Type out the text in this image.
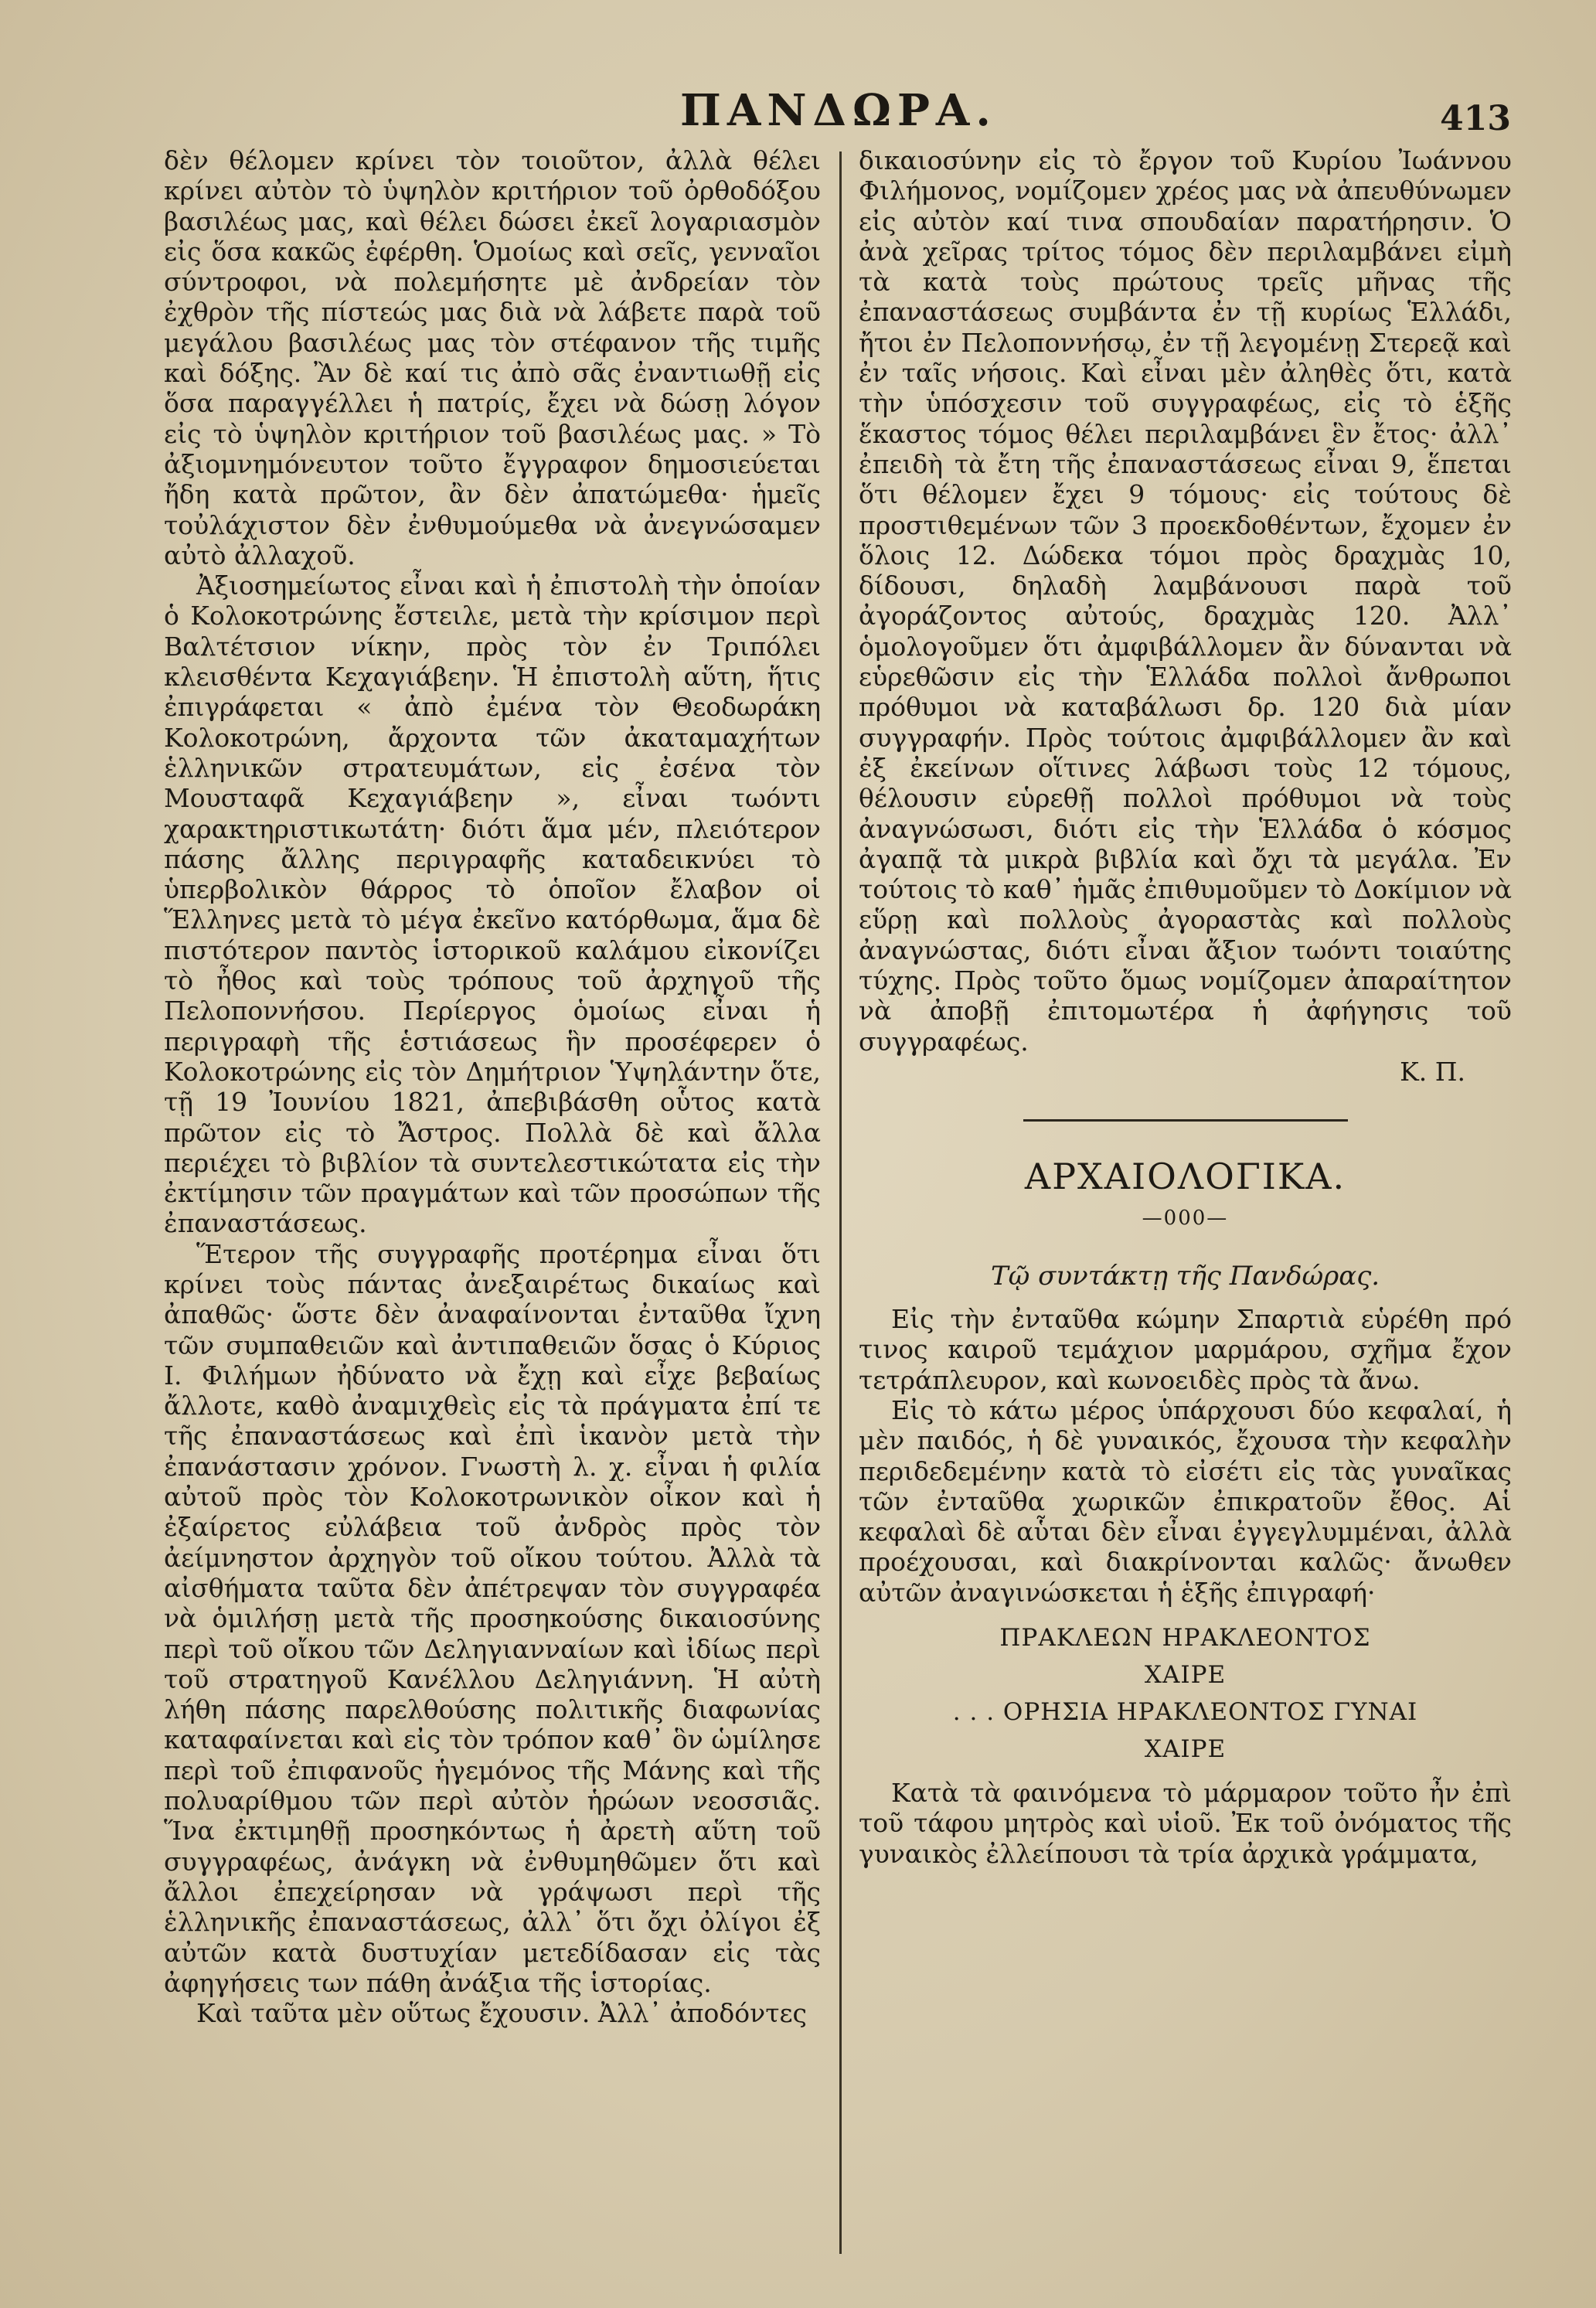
ΠΑΝΔΩΡΑ.	413

δὲν θέλομεν κρίνει τὸν τοιοῦτον, ἀλλὰ θέλει κρίνει αὐτὸν τὸ ὑψηλὸν κριτήριον τοῦ ὀρθοδόξου βασιλέως μας, καὶ θέλει δώσει ἐκεῖ λογαριασμὸν εἰς ὅσα κακῶς ἐφέρθη. Ὁμοίως καὶ σεῖς, γενναῖοι σύντροφοι, νὰ πολεμήσητε μὲ ἀνδρείαν τὸν ἐχθρὸν τῆς πίστεώς μας διὰ νὰ λάβετε παρὰ τοῦ μεγάλου βασιλέως μας τὸν στέφανον τῆς τιμῆς καὶ δόξης. Ἂν δὲ καί τις ἀπὸ σᾶς ἐναντιωθῇ εἰς ὅσα παραγγέλλει ἡ πατρίς, ἔχει νὰ δώσῃ λόγον εἰς τὸ ὑψηλὸν κριτήριον τοῦ βασιλέως μας. » Τὸ ἀξιομνημόνευτον τοῦτο ἔγγραφον δημοσιεύεται ἤδη κατὰ πρῶτον, ἂν δὲν ἀπατώμεθα· ἡμεῖς τοὐλάχιστον δὲν ἐνθυμούμεθα νὰ ἀνεγνώσαμεν αὐτὸ ἀλλαχοῦ.

Ἀξιοσημείωτος εἶναι καὶ ἡ ἐπιστολὴ τὴν ὁποίαν ὁ Κολοκοτρώνης ἔστειλε, μετὰ τὴν κρίσιμον περὶ Βαλτέτσιον νίκην, πρὸς τὸν ἐν Τριπόλει κλεισθέντα Κεχαγιάβεην. Ἡ ἐπιστολὴ αὕτη, ἥτις ἐπιγράφεται « ἀπὸ ἐμένα τὸν Θεοδωράκη Κολοκοτρώνη, ἄρχοντα τῶν ἀκαταμαχήτων ἑλληνικῶν στρατευμάτων, εἰς ἐσένα τὸν Μουσταφᾶ Κεχαγιάβεην », εἶναι τωόντι χαρακτηριστικωτάτη· διότι ἅμα μέν, πλειότερον πάσης ἄλλης περιγραφῆς καταδεικνύει τὸ ὑπερβολικὸν θάρρος τὸ ὁποῖον ἔλαβον οἱ Ἕλληνες μετὰ τὸ μέγα ἐκεῖνο κατόρθωμα, ἅμα δὲ πιστότερον παντὸς ἱστορικοῦ καλάμου εἰκονίζει τὸ ἦθος καὶ τοὺς τρόπους τοῦ ἀρχηγοῦ τῆς Πελοποννήσου. Περίεργος ὁμοίως εἶναι ἡ περιγραφὴ τῆς ἑστιάσεως ἣν προσέφερεν ὁ Κολοκοτρώνης εἰς τὸν Δημήτριον Ὑψηλάντην ὅτε, τῇ 19 Ἰουνίου 1821, ἀπεβιβάσθη οὗτος κατὰ πρῶτον εἰς τὸ Ἄστρος. Πολλὰ δὲ καὶ ἄλλα περιέχει τὸ βιβλίον τὰ συντελεστικώτατα εἰς τὴν ἐκτίμησιν τῶν πραγμάτων καὶ τῶν προσώπων τῆς ἐπαναστάσεως.

Ἕτερον τῆς συγγραφῆς προτέρημα εἶναι ὅτι κρίνει τοὺς πάντας ἀνεξαιρέτως δικαίως καὶ ἀπαθῶς· ὥστε δὲν ἀναφαίνονται ἐνταῦθα ἴχνη τῶν συμπαθειῶν καὶ ἀντιπαθειῶν ὅσας ὁ Κύριος Ι. Φιλήμων ἠδύνατο νὰ ἔχῃ καὶ εἶχε βεβαίως ἄλλοτε, καθὸ ἀναμιχθεὶς εἰς τὰ πράγματα ἐπί τε τῆς ἐπαναστάσεως καὶ ἐπὶ ἱκανὸν μετὰ τὴν ἐπανάστασιν χρόνον. Γνωστὴ λ. χ. εἶναι ἡ φιλία αὐτοῦ πρὸς τὸν Κολοκοτρωνικὸν οἶκον καὶ ἡ ἐξαίρετος εὐλάβεια τοῦ ἀνδρὸς πρὸς τὸν ἀείμνηστον ἀρχηγὸν τοῦ οἴκου τούτου. Ἀλλὰ τὰ αἰσθήματα ταῦτα δὲν ἀπέτρεψαν τὸν συγγραφέα νὰ ὁμιλήσῃ μετὰ τῆς προσηκούσης δικαιοσύνης περὶ τοῦ οἴκου τῶν Δεληγιανναίων καὶ ἰδίως περὶ τοῦ στρατηγοῦ Κανέλλου Δεληγιάννη. Ἡ αὐτὴ λήθη πάσης παρελθούσης πολιτικῆς διαφωνίας καταφαίνεται καὶ εἰς τὸν τρόπον καθ᾽ ὃν ὡμίλησε περὶ τοῦ ἐπιφανοῦς ἡγεμόνος τῆς Μάνης καὶ τῆς πολυαρίθμου τῶν περὶ αὐτὸν ἡρώων νεοσσιᾶς. Ἵνα ἐκτιμηθῇ προσηκόντως ἡ ἀρετὴ αὕτη τοῦ συγγραφέως, ἀνάγκη νὰ ἐνθυμηθῶμεν ὅτι καὶ ἄλλοι ἐπεχείρησαν νὰ γράψωσι περὶ τῆς ἑλληνικῆς ἐπαναστάσεως, ἀλλ᾽ ὅτι ὄχι ὀλίγοι ἐξ αὐτῶν κατὰ δυστυχίαν μετεδίδασαν εἰς τὰς ἀφηγήσεις των πάθη ἀνάξια τῆς ἱστορίας.

Καὶ ταῦτα μὲν οὕτως ἔχουσιν. Ἀλλ᾽ ἀποδόντες

δικαιοσύνην εἰς τὸ ἔργον τοῦ Κυρίου Ἰωάννου Φιλήμονος, νομίζομεν χρέος μας νὰ ἀπευθύνωμεν εἰς αὐτὸν καί τινα σπουδαίαν παρατήρησιν. Ὁ ἀνὰ χεῖρας τρίτος τόμος δὲν περιλαμβάνει εἰμὴ τὰ κατὰ τοὺς πρώτους τρεῖς μῆνας τῆς ἐπαναστάσεως συμβάντα ἐν τῇ κυρίως Ἑλλάδι, ἤτοι ἐν Πελοποννήσῳ, ἐν τῇ λεγομένῃ Στερεᾷ καὶ ἐν ταῖς νήσοις. Καὶ εἶναι μὲν ἀληθὲς ὅτι, κατὰ τὴν ὑπόσχεσιν τοῦ συγγραφέως, εἰς τὸ ἑξῆς ἕκαστος τόμος θέλει περιλαμβάνει ἓν ἔτος· ἀλλ᾽ ἐπειδὴ τὰ ἔτη τῆς ἐπαναστάσεως εἶναι 9, ἕπεται ὅτι θέλομεν ἔχει 9 τόμους· εἰς τούτους δὲ προστιθεμένων τῶν 3 προεκδοθέντων, ἔχομεν ἐν ὅλοις 12. Δώδεκα τόμοι πρὸς δραχμὰς 10, δίδουσι, δηλαδὴ λαμβάνουσι παρὰ τοῦ ἀγοράζοντος αὐτούς, δραχμὰς 120. Ἀλλ᾽ ὁμολογοῦμεν ὅτι ἀμφιβάλλομεν ἂν δύνανται νὰ εὑρεθῶσιν εἰς τὴν Ἑλλάδα πολλοὶ ἄνθρωποι πρόθυμοι νὰ καταβάλωσι δρ. 120 διὰ μίαν συγγραφήν. Πρὸς τούτοις ἀμφιβάλλομεν ἂν καὶ ἐξ ἐκείνων οἵτινες λάβωσι τοὺς 12 τόμους, θέλουσιν εὑρεθῇ πολλοὶ πρόθυμοι νὰ τοὺς ἀναγνώσωσι, διότι εἰς τὴν Ἑλλάδα ὁ κόσμος ἀγαπᾷ τὰ μικρὰ βιβλία καὶ ὄχι τὰ μεγάλα. Ἐν τούτοις τὸ καθ᾽ ἡμᾶς ἐπιθυμοῦμεν τὸ Δοκίμιον νὰ εὕρῃ καὶ πολλοὺς ἀγοραστὰς καὶ πολλοὺς ἀναγνώστας, διότι εἶναι ἄξιον τωόντι τοιαύτης τύχης. Πρὸς τοῦτο ὅμως νομίζομεν ἀπαραίτητον νὰ ἀποβῇ ἐπιτομωτέρα ἡ ἀφήγησις τοῦ συγγραφέως.

Κ. Π.

ΑΡΧΑΙΟΛΟΓΙΚΑ.
—000—
Τῷ συντάκτῃ τῆς Πανδώρας.

Εἰς τὴν ἐνταῦθα κώμην Σπαρτιὰ εὑρέθη πρό τινος καιροῦ τεμάχιον μαρμάρου, σχῆμα ἔχον τετράπλευρον, καὶ κωνοειδὲς πρὸς τὰ ἄνω.

Εἰς τὸ κάτω μέρος ὑπάρχουσι δύο κεφαλαί, ἡ μὲν παιδός, ἡ δὲ γυναικός, ἔχουσα τὴν κεφαλὴν περιδεδεμένην κατὰ τὸ εἰσέτι εἰς τὰς γυναῖκας τῶν ἐνταῦθα χωρικῶν ἐπικρατοῦν ἔθος. Αἱ κεφαλαὶ δὲ αὗται δὲν εἶναι ἐγγεγλυμμέναι, ἀλλὰ προέχουσαι, καὶ διακρίνονται καλῶς· ἄνωθεν αὐτῶν ἀναγινώσκεται ἡ ἑξῆς ἐπιγραφή·

ΠΡΑΚΛΕΩΝ ΗΡΑΚΛΕΟΝΤΟΣ
ΧΑΙΡΕ
. . . ΟΡΗΣΙΑ ΗΡΑΚΛΕΟΝΤΟΣ ΓΥΝΑΙ
ΧΑΙΡΕ

Κατὰ τὰ φαινόμενα τὸ μάρμαρον τοῦτο ἦν ἐπὶ τοῦ τάφου μητρὸς καὶ υἱοῦ. Ἐκ τοῦ ὀνόματος τῆς γυναικὸς ἐλλείπουσι τὰ τρία ἀρχικὰ γράμματα,
